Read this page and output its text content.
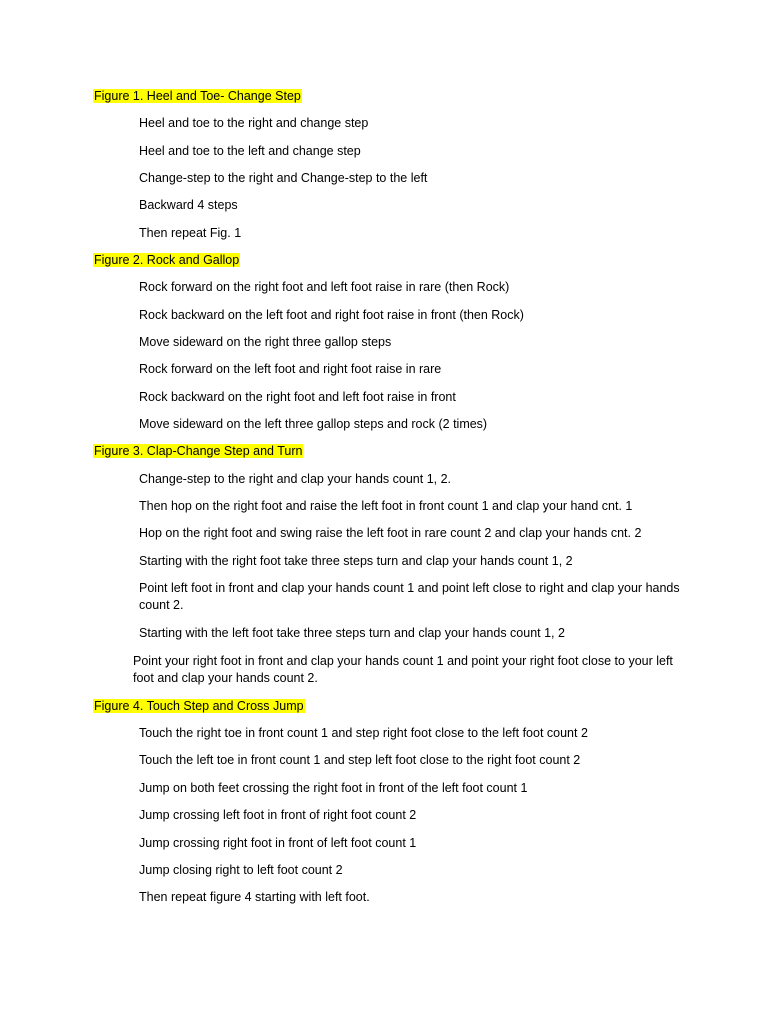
Figure 1. Heel and Toe- Change Step
Heel and toe to the right and change step
Heel and toe to the left and change step
Change-step to the right and Change-step to the left
Backward 4 steps
Then repeat Fig. 1
Figure 2. Rock and Gallop
Rock forward on the right foot and left foot raise in rare (then Rock)
Rock backward on the left foot and right foot raise in front (then Rock)
Move sideward on the right three gallop steps
Rock forward on the left foot and right foot raise in rare
Rock backward on the right foot and left foot raise in front
Move sideward on the left three gallop steps and rock (2 times)
Figure 3. Clap-Change Step and Turn
Change-step to the right and clap your hands count 1, 2.
Then hop on the right foot and raise the left foot in front count 1 and clap your hand cnt. 1
Hop on the right foot and swing raise the left foot in rare count 2 and clap your hands cnt. 2
Starting with the right foot take three steps turn and clap your hands count 1, 2
Point left foot in front and clap your hands count 1 and point left close to right and clap your hands count 2.
Starting with the left foot take three steps turn and clap your hands count 1, 2
Point your right foot in front and clap your hands count 1 and point your right foot close to your left foot and clap your hands count 2.
Figure 4. Touch Step and Cross Jump
Touch the right toe in front count 1 and step right foot close to the left foot count 2
Touch the left toe in front count 1 and step left foot close to the right foot count 2
Jump on both feet crossing the right foot in front of the left foot count 1
Jump crossing left foot in front of right foot count 2
Jump crossing right foot in front of left foot count 1
Jump closing right to left foot count 2
Then repeat figure 4 starting with left foot.
